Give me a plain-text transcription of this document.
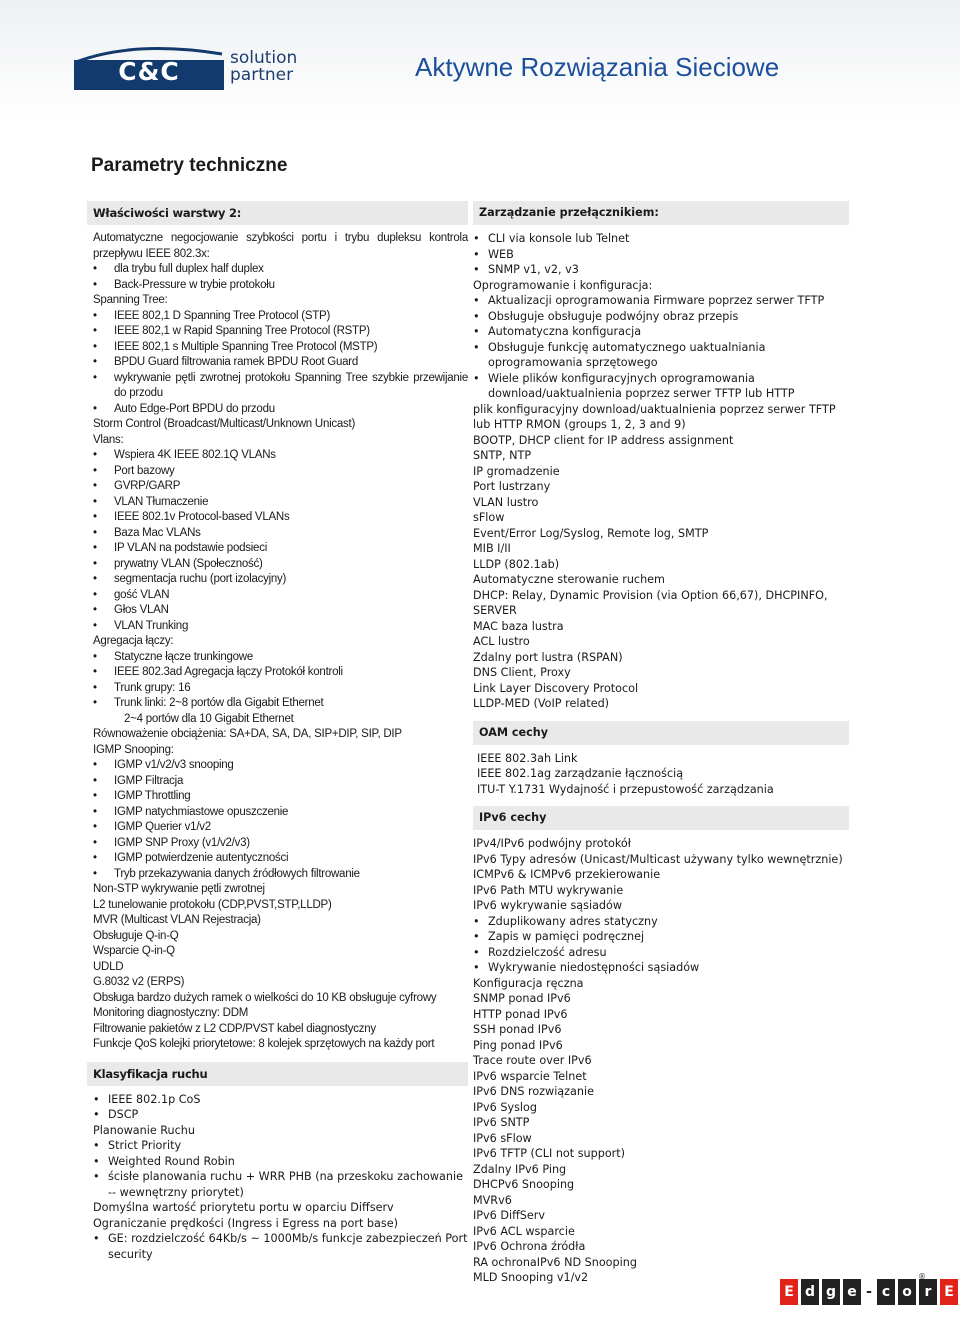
C&C	solution
partner	Aktywne Rozwiązania Sieciowe
Parametry techniczne
Właściwości warstwy 2:
Automatyczne negocjowanie szybkości portu i trybu dupleksu kontrola przepływu IEEE 802.3x:
• dla trybu full duplex half duplex
• Back-Pressure w trybie protokołu
Spanning Tree:
• IEEE 802,1 D Spanning Tree Protocol (STP)
• IEEE 802,1 w Rapid Spanning Tree Protocol (RSTP)
• IEEE 802,1 s Multiple Spanning Tree Protocol (MSTP)
• BPDU Guard filtrowania ramek BPDU Root Guard
• wykrywanie pętli zwrotnej protokołu Spanning Tree szybkie przewijanie do przodu
• Auto Edge-Port BPDU do przodu
Storm Control (Broadcast/Multicast/Unknown Unicast)
Vlans:
• Wspiera 4K IEEE 802.1Q VLANs
• Port bazowy
• GVRP/GARP
• VLAN Tłumaczenie
• IEEE 802.1v Protocol-based VLANs
• Baza Mac VLANs
• IP VLAN na podstawie podsieci
• prywatny VLAN (Społeczność)
• segmentacja ruchu (port izolacyjny)
• gość VLAN
• Głos VLAN
• VLAN Trunking
Agregacja łączy:
• Statyczne łącze trunkingowe
• IEEE 802.3ad Agregacja łączy Protokół kontroli
• Trunk grupy: 16
• Trunk linki: 2~8 portów dla Gigabit Ethernet
2~4 portów dla 10 Gigabit Ethernet
Równoważenie obciążenia: SA+DA, SA, DA, SIP+DIP, SIP, DIP
IGMP Snooping:
• IGMP v1/v2/v3 snooping
• IGMP Filtracja
• IGMP Throttling
• IGMP natychmiastowe opuszczenie
• IGMP Querier v1/v2
• IGMP SNP Proxy (v1/v2/v3)
• IGMP potwierdzenie autentyczności
• Tryb przekazywania danych źródłowych filtrowanie
Non-STP wykrywanie pętli zwrotnej
L2 tunelowanie protokołu (CDP,PVST,STP,LLDP)
MVR (Multicast VLAN Rejestracja)
Obsługuje Q-in-Q
Wsparcie Q-in-Q
UDLD
G.8032 v2 (ERPS)
Obsługa bardzo dużych ramek o wielkości do 10 KB obsługuje cyfrowy
Monitoring diagnostyczny: DDM
Filtrowanie pakietów z L2 CDP/PVST kabel diagnostyczny
Funkcje QoS kolejki priorytetowe: 8 kolejek sprzętowych na każdy port
Klasyfikacja ruchu
• IEEE 802.1p CoS
• DSCP
Planowanie Ruchu
• Strict Priority
• Weighted Round Robin
• ścisłe planowania ruchu + WRR PHB (na przeskoku zachowanie -- wewnętrzny priorytet)
Domyślna wartość priorytetu portu w oparciu Diffserv
Ograniczanie prędkości (Ingress i Egress na port base)
• GE: rozdzielczość 64Kb/s ~ 1000Mb/s funkcje zabezpieczeń Port security
Zarządzanie przełącznikiem:
• CLI via konsole lub Telnet
• WEB
• SNMP v1, v2, v3
Oprogramowanie i konfiguracja:
• Aktualizacji oprogramowania Firmware poprzez serwer TFTP
• Obsługuje obsługuje podwójny obraz przepis
• Automatyczna konfiguracja
• Obsługuje funkcję automatycznego uaktualniania oprogramowania sprzętowego
• Wiele plików konfiguracyjnych oprogramowania download/uaktualnienia poprzez serwer TFTP lub HTTP
plik konfiguracyjny download/uaktualnienia poprzez serwer TFTP lub HTTP RMON (groups 1, 2, 3 and 9)
BOOTP, DHCP client for IP address assignment
SNTP, NTP
IP gromadzenie
Port lustrzany
VLAN lustro
sFlow
Event/Error Log/Syslog, Remote log, SMTP
MIB I/II
LLDP (802.1ab)
Automatyczne sterowanie ruchem
DHCP: Relay, Dynamic Provision (via Option 66,67), DHCPINFO, SERVER
MAC baza lustra
ACL lustro
Zdalny port lustra (RSPAN)
DNS Client, Proxy
Link Layer Discovery Protocol
LLDP-MED (VoIP related)
OAM cechy
IEEE 802.3ah Link
IEEE 802.1ag zarządzanie łącznością
ITU-T Y.1731 Wydajność i przepustowość zarządzania
IPv6 cechy
IPv4/IPv6 podwójny protokół
IPv6 Typy adresów (Unicast/Multicast używany tylko wewnętrznie)
ICMPv6 & ICMPv6 przekierowanie
IPv6 Path MTU wykrywanie
IPv6 wykrywanie sąsiadów
• Zduplikowany adres statyczny
• Zapis w pamięci podręcznej
• Rozdzielczość adresu
• Wykrywanie niedostępności sąsiadów
Konfiguracja ręczna
SNMP ponad IPv6
HTTP ponad IPv6
SSH ponad IPv6
Ping ponad IPv6
Trace route over IPv6
IPv6 wsparcie Telnet
IPv6 DNS rozwiązanie
IPv6 Syslog
IPv6 SNTP
IPv6 sFlow
IPv6 TFTP (CLI not support)
Zdalny IPv6 Ping
DHCPv6 Snooping
MVRv6
IPv6 DiffServ
IPv6 ACL wsparcie
IPv6 Ochrona źródła
RA ochronaIPv6 ND Snooping
MLD Snooping v1/v2
E d g e - c o r E
®
